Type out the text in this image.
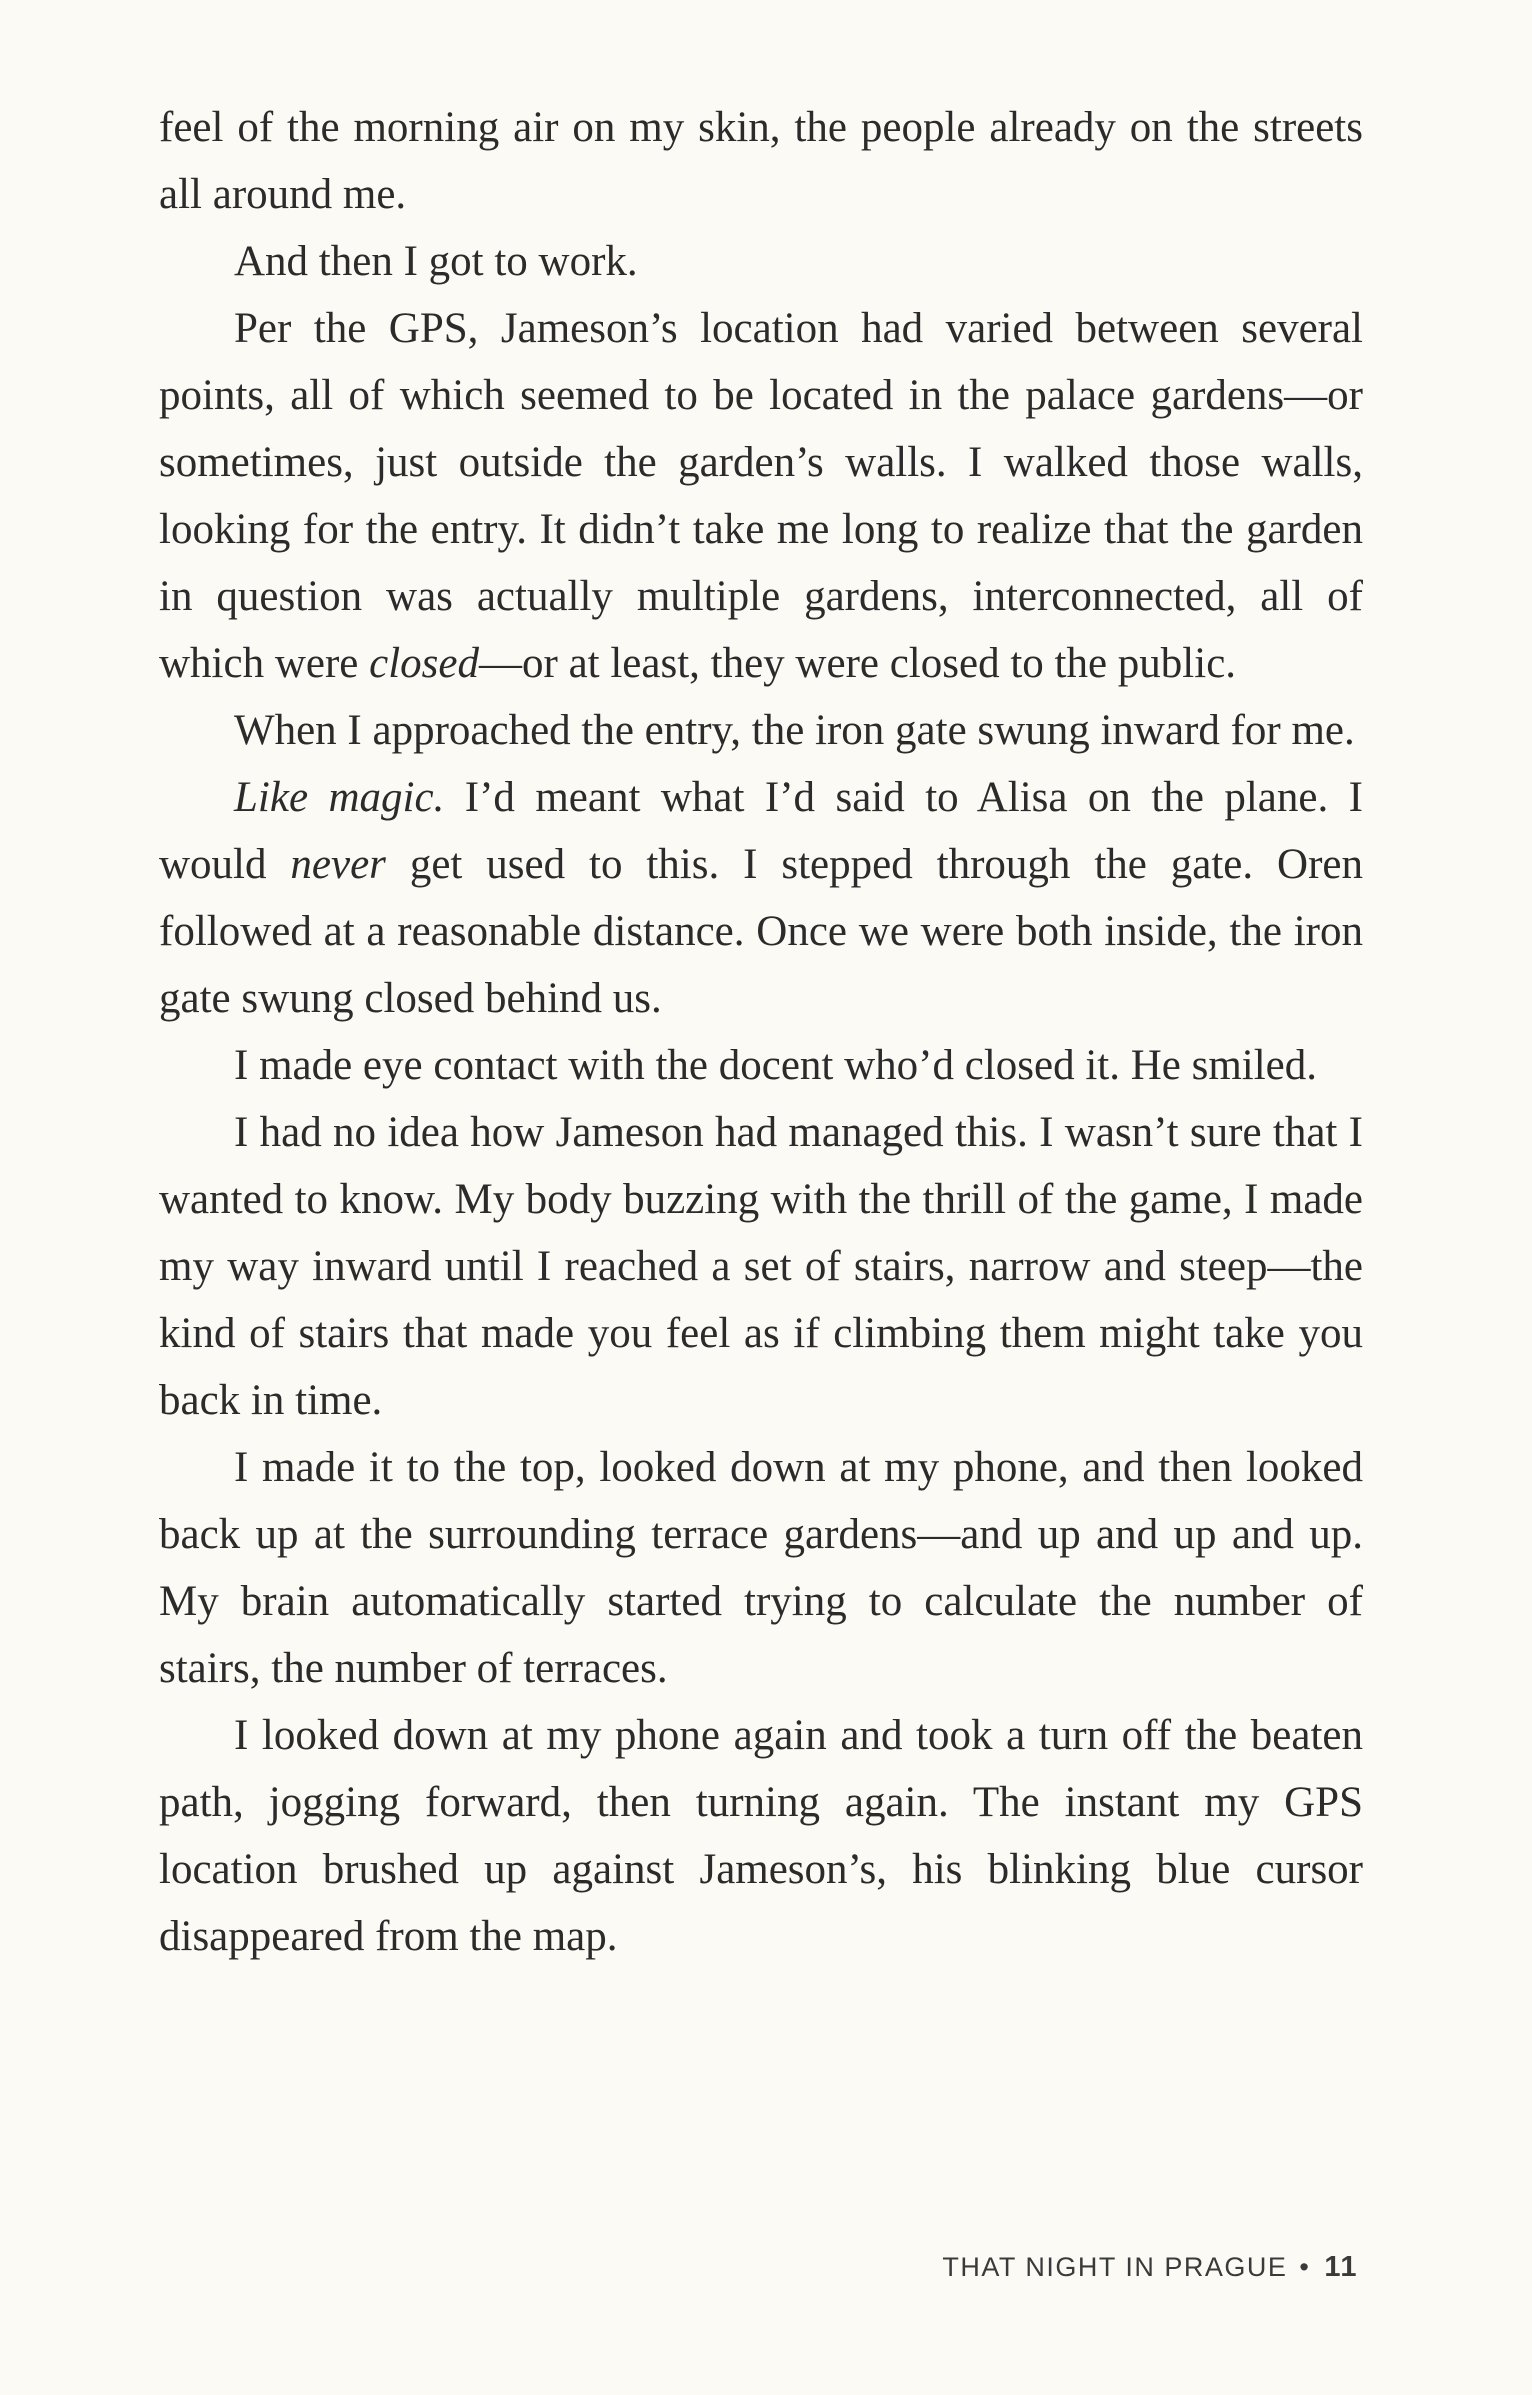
feel of the morning air on my skin, the people already on the streets all around me.

And then I got to work.

Per the GPS, Jameson’s location had varied between several points, all of which seemed to be located in the palace gardens—or sometimes, just outside the garden’s walls. I walked those walls, looking for the entry. It didn’t take me long to realize that the garden in question was actually multiple gardens, interconnected, all of which were closed—or at least, they were closed to the public.

When I approached the entry, the iron gate swung inward for me.

Like magic. I’d meant what I’d said to Alisa on the plane. I would never get used to this. I stepped through the gate. Oren followed at a reasonable distance. Once we were both inside, the iron gate swung closed behind us.

I made eye contact with the docent who’d closed it. He smiled.

I had no idea how Jameson had managed this. I wasn’t sure that I wanted to know. My body buzzing with the thrill of the game, I made my way inward until I reached a set of stairs, narrow and steep—the kind of stairs that made you feel as if climbing them might take you back in time.

I made it to the top, looked down at my phone, and then looked back up at the surrounding terrace gardens—and up and up and up. My brain automatically started trying to calculate the number of stairs, the number of terraces.

I looked down at my phone again and took a turn off the beaten path, jogging forward, then turning again. The instant my GPS location brushed up against Jameson’s, his blinking blue cursor disappeared from the map.

THAT NIGHT IN PRAGUE • 11
